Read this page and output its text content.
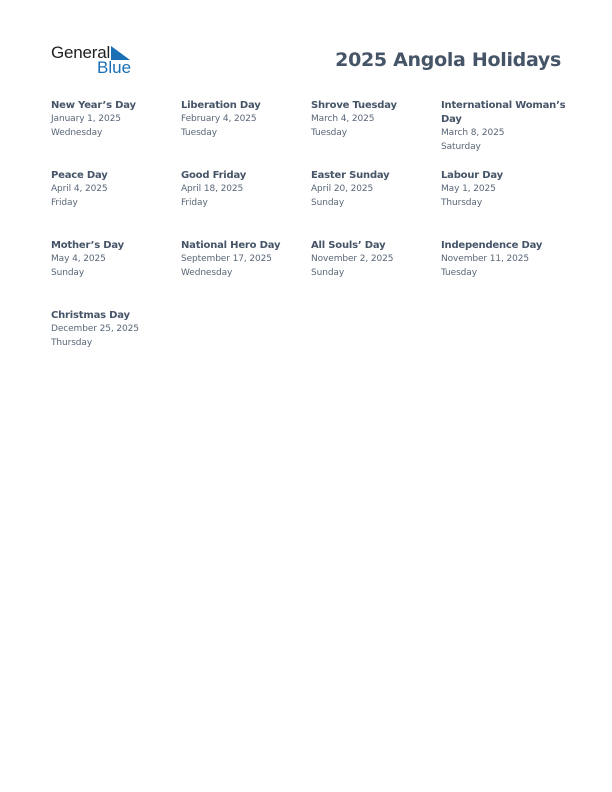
General
Blue	2025 Angola Holidays
New Year’s Day
January 1, 2025
Wednesday
Liberation Day
February 4, 2025
Tuesday
Shrove Tuesday
March 4, 2025
Tuesday
International Woman’s Day
March 8, 2025
Saturday
Peace Day
April 4, 2025
Friday
Good Friday
April 18, 2025
Friday
Easter Sunday
April 20, 2025
Sunday
Labour Day
May 1, 2025
Thursday
Mother’s Day
May 4, 2025
Sunday
National Hero Day
September 17, 2025
Wednesday
All Souls’ Day
November 2, 2025
Sunday
Independence Day
November 11, 2025
Tuesday
Christmas Day
December 25, 2025
Thursday
